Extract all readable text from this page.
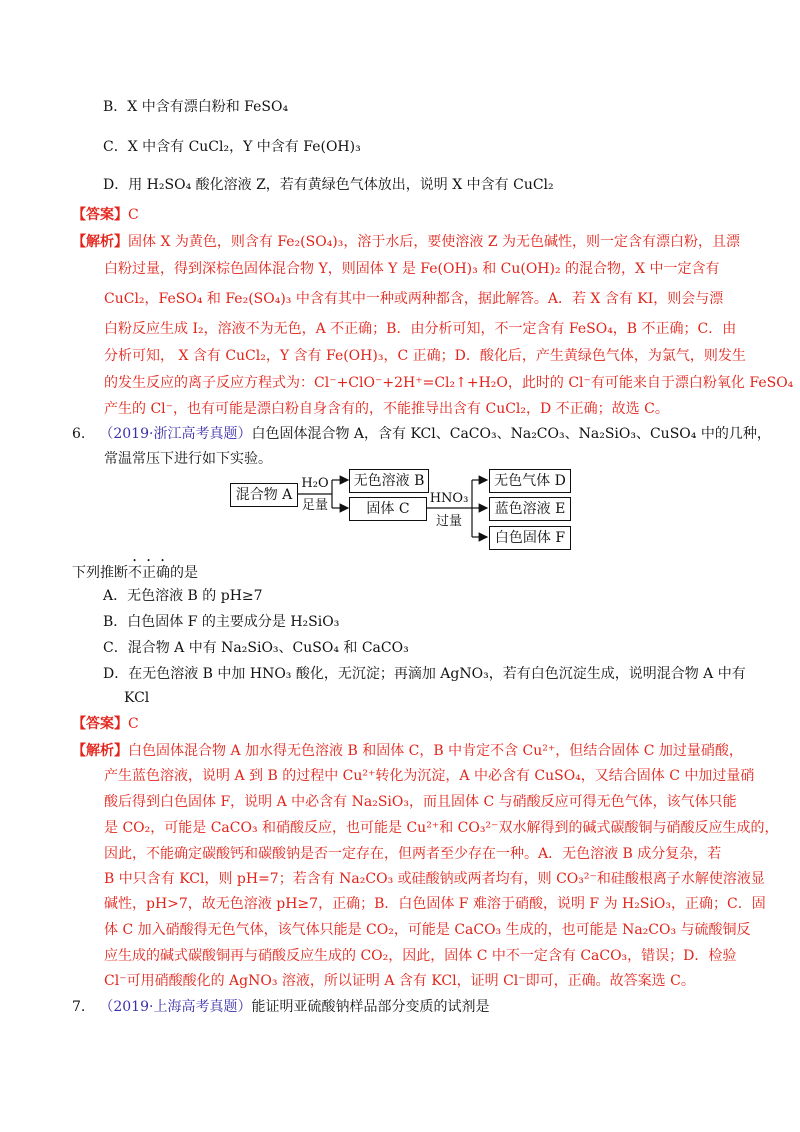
B．X 中含有漂白粉和 FeSO₄
C．X 中含有 CuCl₂，Y 中含有 Fe(OH)₃
D．用 H₂SO₄ 酸化溶液 Z，若有黄绿色气体放出，说明 X 中含有 CuCl₂
【答案】C
【解析】固体 X 为黄色，则含有 Fe₂(SO₄)₃，溶于水后，要使溶液 Z 为无色碱性，则一定含有漂白粉，且漂
白粉过量，得到深棕色固体混合物 Y，则固体 Y 是 Fe(OH)₃ 和 Cu(OH)₂ 的混合物，X 中一定含有
CuCl₂，FeSO₄ 和 Fe₂(SO₄)₃ 中含有其中一种或两种都含，据此解答。A．若 X 含有 KI，则会与漂
白粉反应生成 I₂，溶液不为无色，A 不正确；B．由分析可知，不一定含有 FeSO₄，B 不正确；C．由
分析可知， X 含有 CuCl₂，Y 含有 Fe(OH)₃，C 正确；D．酸化后，产生黄绿色气体，为氯气，则发生
的发生反应的离子反应方程式为：Cl⁻+ClO⁻+2H⁺=Cl₂↑+H₂O，此时的 Cl⁻有可能来自于漂白粉氧化 FeSO₄
产生的 Cl⁻，也有可能是漂白粉自身含有的，不能推导出含有 CuCl₂，D 不正确；故选 C。
6. （2019·浙江高考真题）白色固体混合物 A，含有 KCl、CaCO₃、Na₂CO₃、Na₂SiO₃、CuSO₄ 中的几种，
常温常压下进行如下实验。
混合物 A
H₂O
足量
无色溶液 B
固体 C
HNO₃
过量
无色气体 D
蓝色溶液 E
白色固体 F
下列推断不正确的是
A．无色溶液 B 的 pH≥7
B．白色固体 F 的主要成分是 H₂SiO₃
C．混合物 A 中有 Na₂SiO₃、CuSO₄ 和 CaCO₃
D．在无色溶液 B 中加 HNO₃ 酸化，无沉淀；再滴加 AgNO₃，若有白色沉淀生成，说明混合物 A 中有
KCl
【答案】C
【解析】白色固体混合物 A 加水得无色溶液 B 和固体 C，B 中肯定不含 Cu²⁺，但结合固体 C 加过量硝酸，
产生蓝色溶液，说明 A 到 B 的过程中 Cu²⁺转化为沉淀，A 中必含有 CuSO₄，又结合固体 C 中加过量硝
酸后得到白色固体 F，说明 A 中必含有 Na₂SiO₃，而且固体 C 与硝酸反应可得无色气体，该气体只能
是 CO₂，可能是 CaCO₃ 和硝酸反应，也可能是 Cu²⁺和 CO₃²⁻双水解得到的碱式碳酸铜与硝酸反应生成的，
因此，不能确定碳酸钙和碳酸钠是否一定存在，但两者至少存在一种。A．无色溶液 B 成分复杂，若
B 中只含有 KCl，则 pH=7；若含有 Na₂CO₃ 或硅酸钠或两者均有，则 CO₃²⁻和硅酸根离子水解使溶液显
碱性，pH>7，故无色溶液 pH≥7，正确；B．白色固体 F 难溶于硝酸，说明 F 为 H₂SiO₃，正确；C．固
体 C 加入硝酸得无色气体，该气体只能是 CO₂，可能是 CaCO₃ 生成的，也可能是 Na₂CO₃ 与硫酸铜反
应生成的碱式碳酸铜再与硝酸反应生成的 CO₂，因此，固体 C 中不一定含有 CaCO₃，错误；D．检验
Cl⁻可用硝酸酸化的 AgNO₃ 溶液，所以证明 A 含有 KCl，证明 Cl⁻即可，正确。故答案选 C。
7. （2019·上海高考真题）能证明亚硫酸钠样品部分变质的试剂是
